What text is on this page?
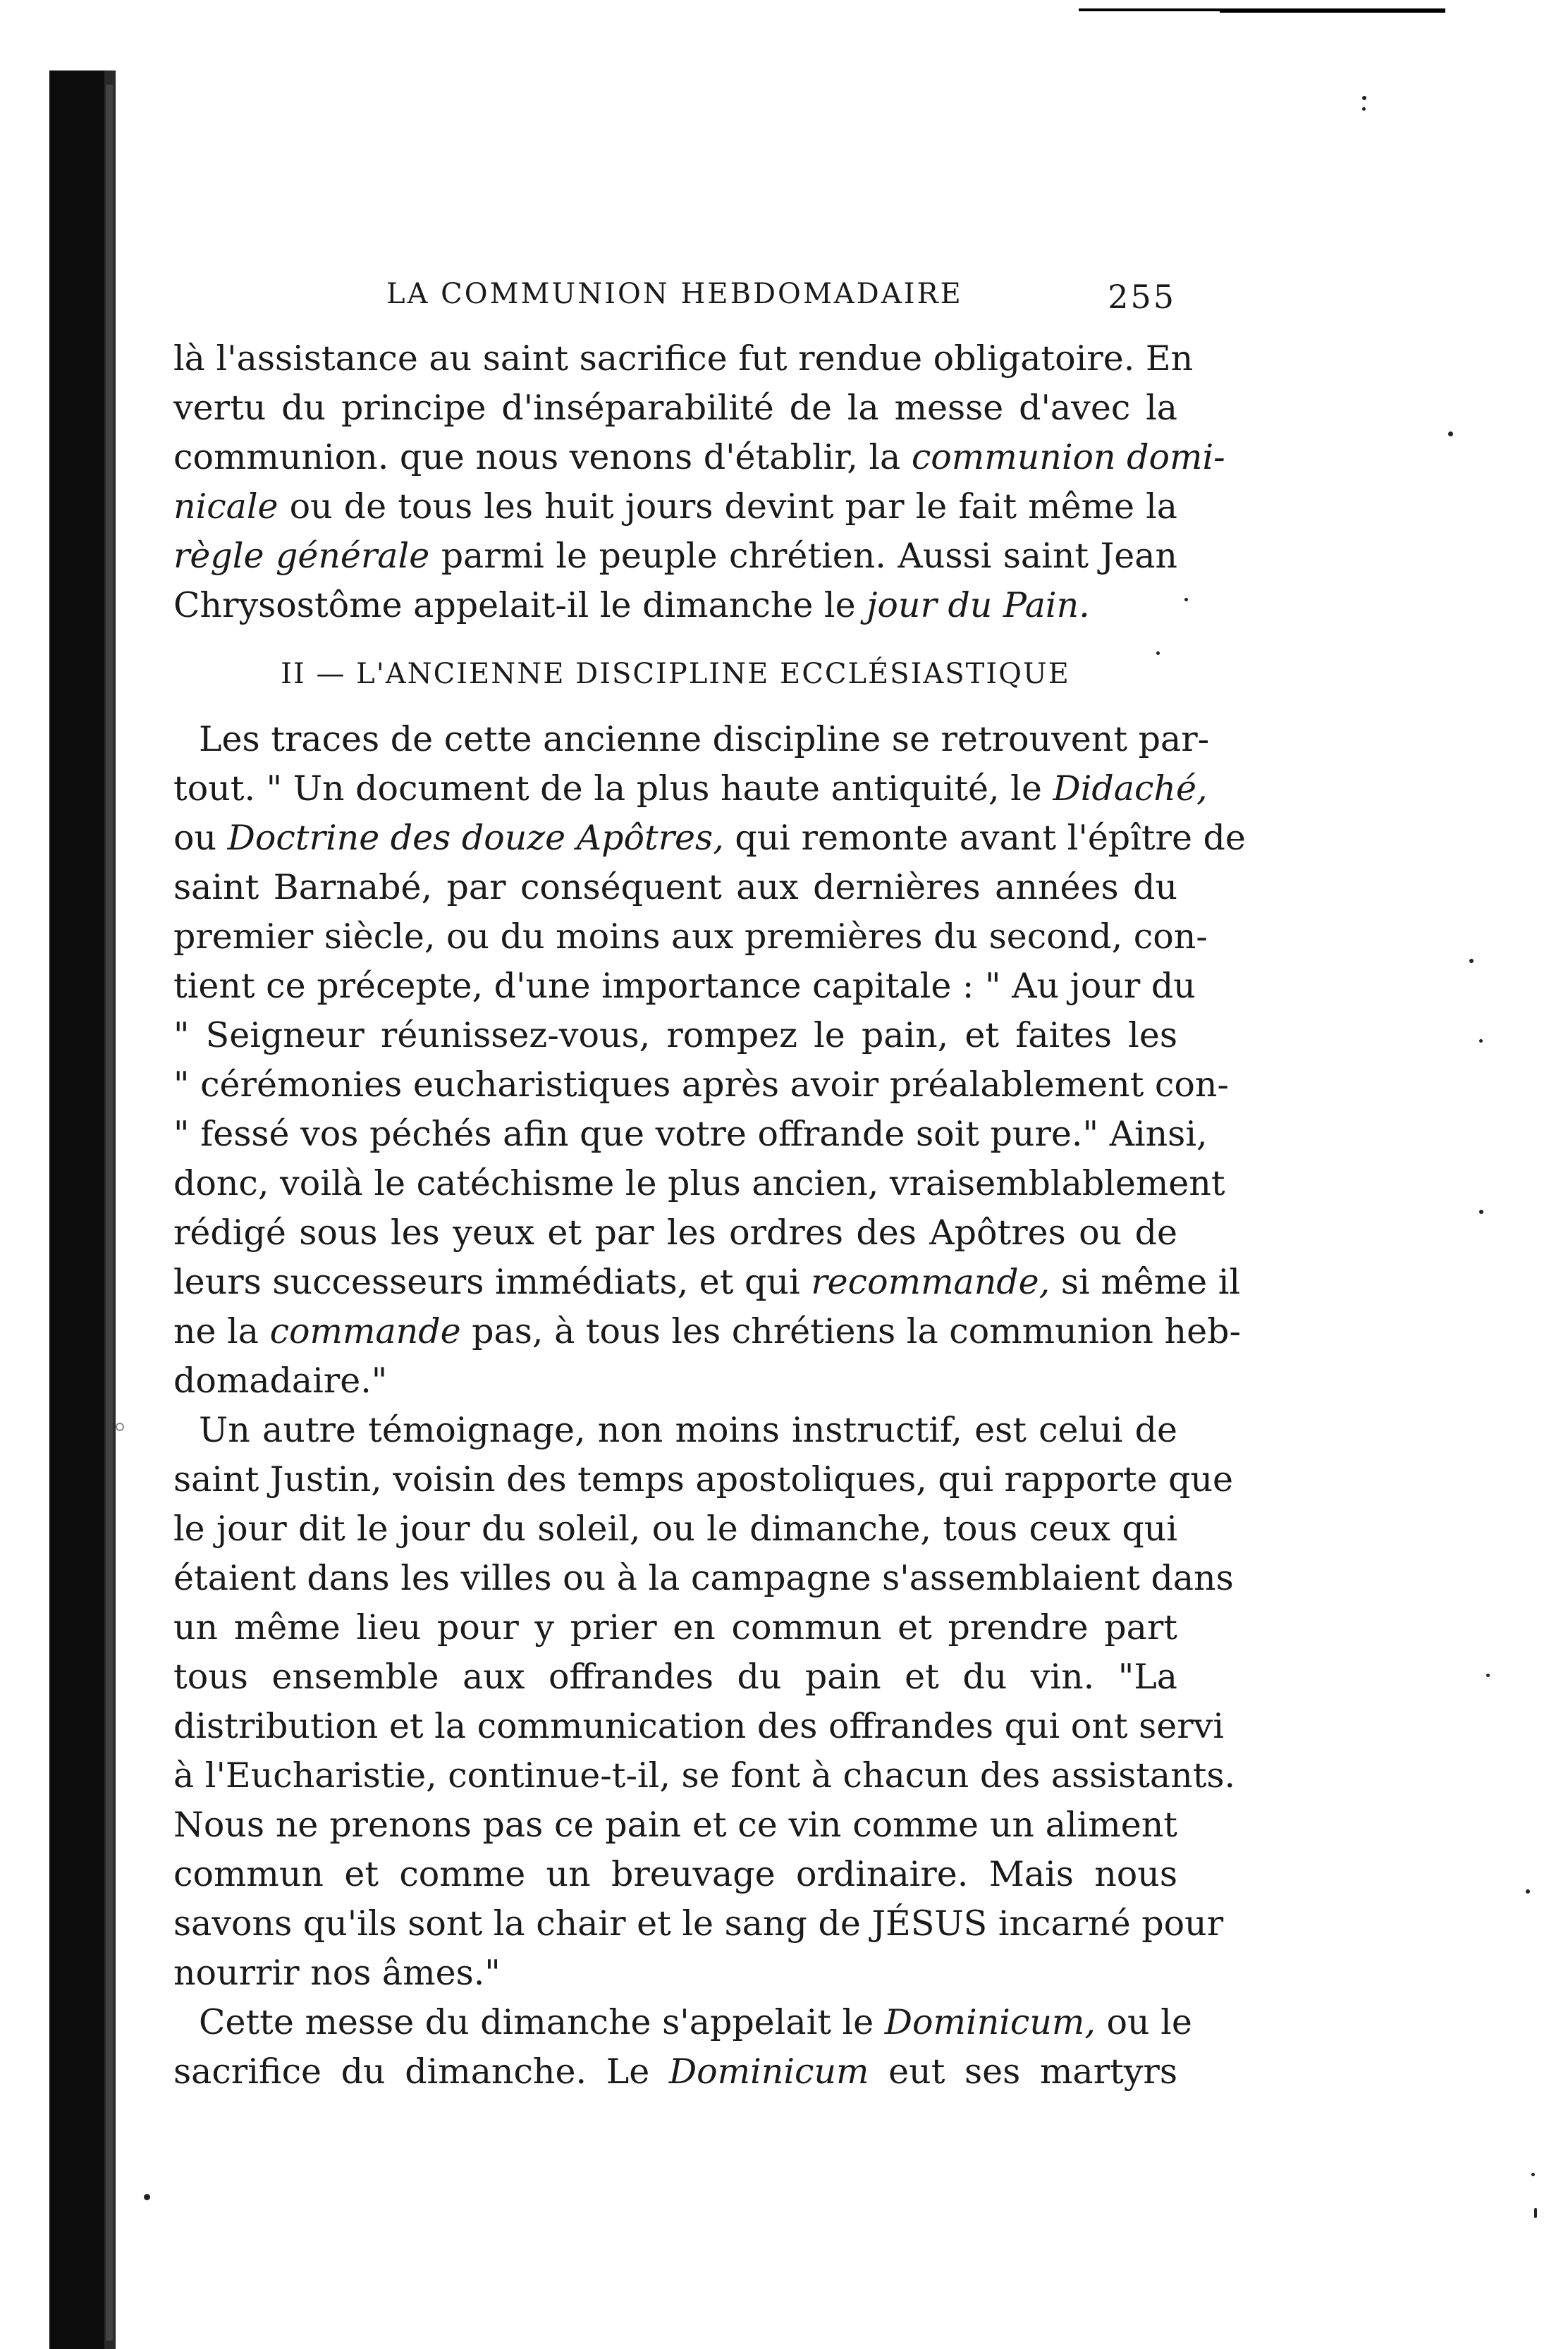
LA COMMUNION HEBDOMADAIRE	255

là l'assistance au saint sacrifice fut rendue obligatoire. En
vertu du principe d'inséparabilité de la messe d'avec la
communion. que nous venons d'établir, la communion domi-
nicale ou de tous les huit jours devint par le fait même la
règle générale parmi le peuple chrétien. Aussi saint Jean
Chrysostôme appelait-il le dimanche le jour du Pain.

II — L'ANCIENNE DISCIPLINE ECCLÉSIASTIQUE

Les traces de cette ancienne discipline se retrouvent par-
tout. " Un document de la plus haute antiquité, le Didaché,
ou Doctrine des douze Apôtres, qui remonte avant l'épître de
saint Barnabé, par conséquent aux dernières années du
premier siècle, ou du moins aux premières du second, con-
tient ce précepte, d'une importance capitale : " Au jour du
" Seigneur réunissez-vous, rompez le pain, et faites les
" cérémonies eucharistiques après avoir préalablement con-
" fessé vos péchés afin que votre offrande soit pure." Ainsi,
donc, voilà le catéchisme le plus ancien, vraisemblablement
rédigé sous les yeux et par les ordres des Apôtres ou de
leurs successeurs immédiats, et qui recommande, si même il
ne la commande pas, à tous les chrétiens la communion heb-
domadaire."

Un autre témoignage, non moins instructif, est celui de
saint Justin, voisin des temps apostoliques, qui rapporte que
le jour dit le jour du soleil, ou le dimanche, tous ceux qui
étaient dans les villes ou à la campagne s'assemblaient dans
un même lieu pour y prier en commun et prendre part
tous ensemble aux offrandes du pain et du vin. "La
distribution et la communication des offrandes qui ont servi
à l'Eucharistie, continue-t-il, se font à chacun des assistants.
Nous ne prenons pas ce pain et ce vin comme un aliment
commun et comme un breuvage ordinaire. Mais nous
savons qu'ils sont la chair et le sang de JÉSUS incarné pour
nourrir nos âmes."

Cette messe du dimanche s'appelait le Dominicum, ou le
sacrifice du dimanche. Le Dominicum eut ses martyrs
